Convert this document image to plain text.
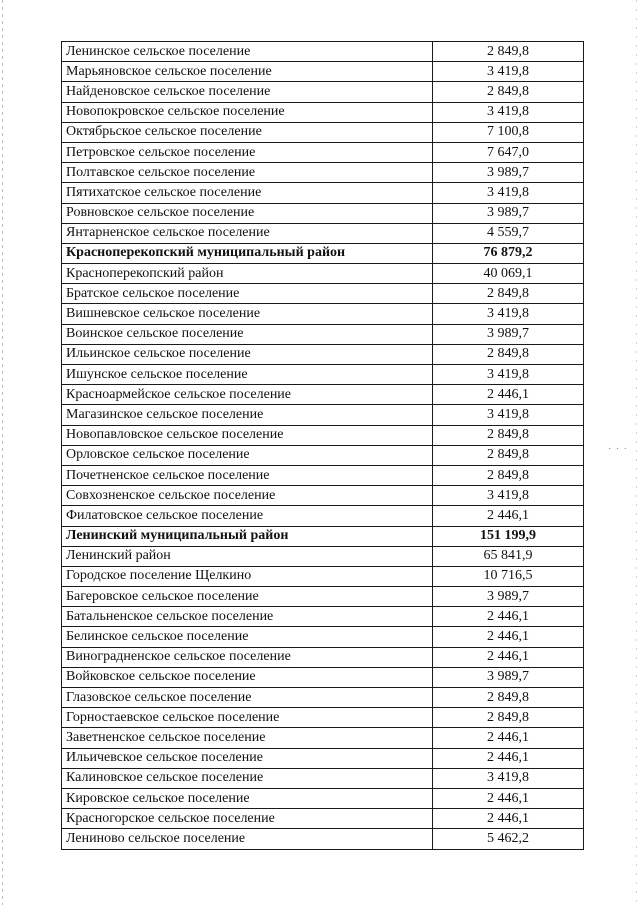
· · ·
Ленинское сельское поселение	2 849,8
Марьяновское сельское поселение	3 419,8
Найденовское сельское поселение	2 849,8
Новопокровское сельское поселение	3 419,8
Октябрьское сельское поселение	7 100,8
Петровское сельское поселение	7 647,0
Полтавское сельское поселение	3 989,7
Пятихатское сельское поселение	3 419,8
Ровновское сельское поселение	3 989,7
Янтарненское сельское поселение	4 559,7
Красноперекопский муниципальный район	76 879,2
Красноперекопский район	40 069,1
Братское сельское поселение	2 849,8
Вишневское сельское поселение	3 419,8
Воинское сельское поселение	3 989,7
Ильинское сельское поселение	2 849,8
Ишунское сельское поселение	3 419,8
Красноармейское сельское поселение	2 446,1
Магазинское сельское поселение	3 419,8
Новопавловское сельское поселение	2 849,8
Орловское сельское поселение	2 849,8
Почетненское сельское поселение	2 849,8
Совхозненское сельское поселение	3 419,8
Филатовское сельское поселение	2 446,1
Ленинский муниципальный район	151 199,9
Ленинский район	65 841,9
Городское поселение Щелкино	10 716,5
Багеровское сельское поселение	3 989,7
Батальненское сельское поселение	2 446,1
Белинское сельское поселение	2 446,1
Виноградненское сельское поселение	2 446,1
Войковское сельское поселение	3 989,7
Глазовское сельское поселение	2 849,8
Горностаевское сельское поселение	2 849,8
Заветненское сельское поселение	2 446,1
Ильичевское сельское поселение	2 446,1
Калиновское сельское поселение	3 419,8
Кировское сельское поселение	2 446,1
Красногорское сельское поселение	2 446,1
Лениново сельское поселение	5 462,2
